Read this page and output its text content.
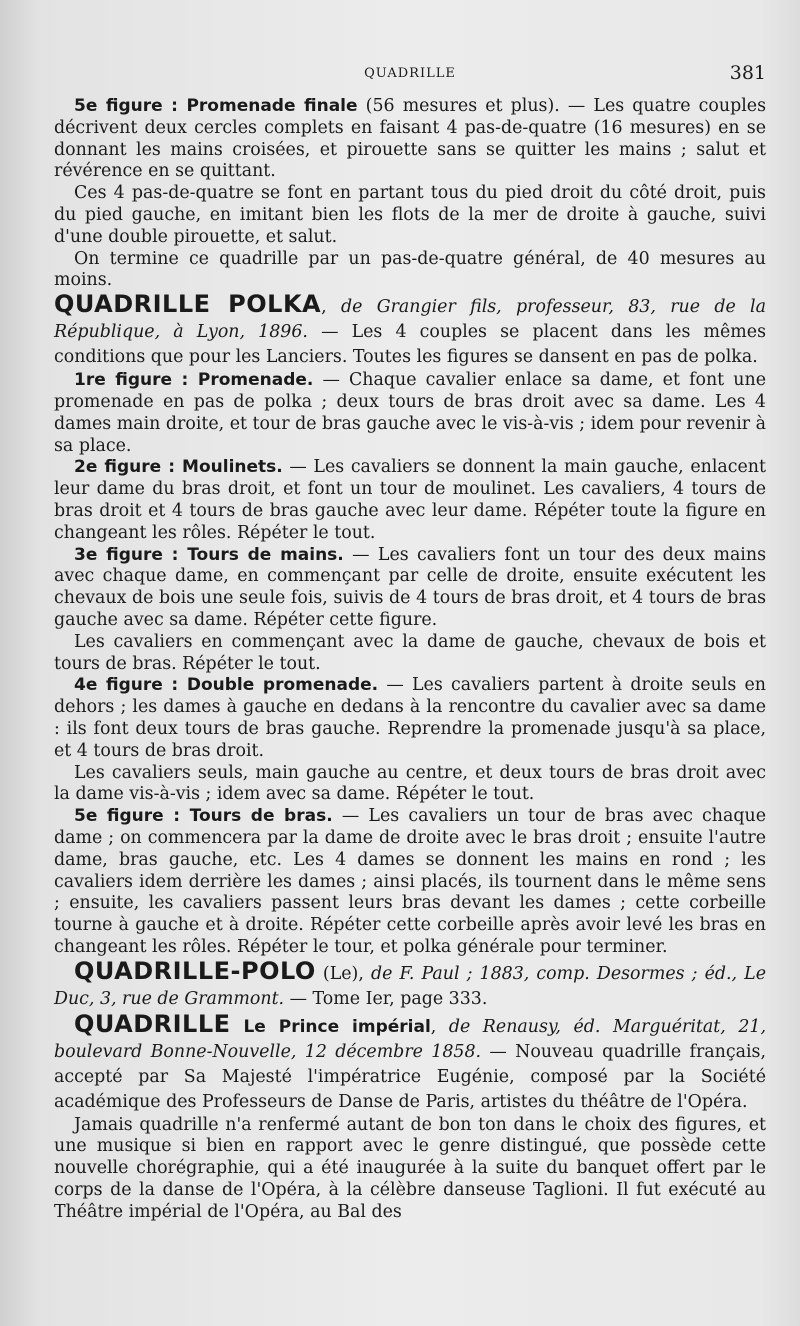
QUADRILLE	381

5e figure : Promenade finale (56 mesures et plus). — Les quatre couples décrivent deux cercles complets en faisant 4 pas-de-quatre (16 mesures) en se donnant les mains croisées, et pirouette sans se quitter les mains ; salut et révérence en se quittant.

Ces 4 pas-de-quatre se font en partant tous du pied droit du côté droit, puis du pied gauche, en imitant bien les flots de la mer de droite à gauche, suivi d'une double pirouette, et salut.

On termine ce quadrille par un pas-de-quatre général, de 40 mesures au moins.

QUADRILLE POLKA, de Grangier fils, professeur, 83, rue de la République, à Lyon, 1896. — Les 4 couples se placent dans les mêmes conditions que pour les Lanciers. Toutes les figures se dansent en pas de polka.

1re figure : Promenade. — Chaque cavalier enlace sa dame, et font une promenade en pas de polka ; deux tours de bras droit avec sa dame. Les 4 dames main droite, et tour de bras gauche avec le vis-à-vis ; idem pour revenir à sa place.

2e figure : Moulinets. — Les cavaliers se donnent la main gauche, enlacent leur dame du bras droit, et font un tour de moulinet. Les cavaliers, 4 tours de bras droit et 4 tours de bras gauche avec leur dame. Répéter toute la figure en changeant les rôles. Répéter le tout.

3e figure : Tours de mains. — Les cavaliers font un tour des deux mains avec chaque dame, en commençant par celle de droite, ensuite exécutent les chevaux de bois une seule fois, suivis de 4 tours de bras droit, et 4 tours de bras gauche avec sa dame. Répéter cette figure.

Les cavaliers en commençant avec la dame de gauche, chevaux de bois et tours de bras. Répéter le tout.

4e figure : Double promenade. — Les cavaliers partent à droite seuls en dehors ; les dames à gauche en dedans à la rencontre du cavalier avec sa dame : ils font deux tours de bras gauche. Reprendre la promenade jusqu'à sa place, et 4 tours de bras droit.

Les cavaliers seuls, main gauche au centre, et deux tours de bras droit avec la dame vis-à-vis ; idem avec sa dame. Répéter le tout.

5e figure : Tours de bras. — Les cavaliers un tour de bras avec chaque dame ; on commencera par la dame de droite avec le bras droit ; ensuite l'autre dame, bras gauche, etc. Les 4 dames se donnent les mains en rond ; les cavaliers idem derrière les dames ; ainsi placés, ils tournent dans le même sens ; ensuite, les cavaliers passent leurs bras devant les dames ; cette corbeille tourne à gauche et à droite. Répéter cette corbeille après avoir levé les bras en changeant les rôles. Répéter le tour, et polka générale pour terminer.

QUADRILLE-POLO (Le), de F. Paul ; 1883, comp. Desormes ; éd., Le Duc, 3, rue de Grammont. — Tome Ier, page 333.

QUADRILLE Le Prince impérial, de Renausy, éd. Marguéritat, 21, boulevard Bonne-Nouvelle, 12 décembre 1858. — Nouveau quadrille français, accepté par Sa Majesté l'impératrice Eugénie, composé par la Société académique des Professeurs de Danse de Paris, artistes du théâtre de l'Opéra.

Jamais quadrille n'a renfermé autant de bon ton dans le choix des figures, et une musique si bien en rapport avec le genre distingué, que possède cette nouvelle chorégraphie, qui a été inaugurée à la suite du banquet offert par le corps de la danse de l'Opéra, à la célèbre danseuse Taglioni. Il fut exécuté au Théâtre impérial de l'Opéra, au Bal des
